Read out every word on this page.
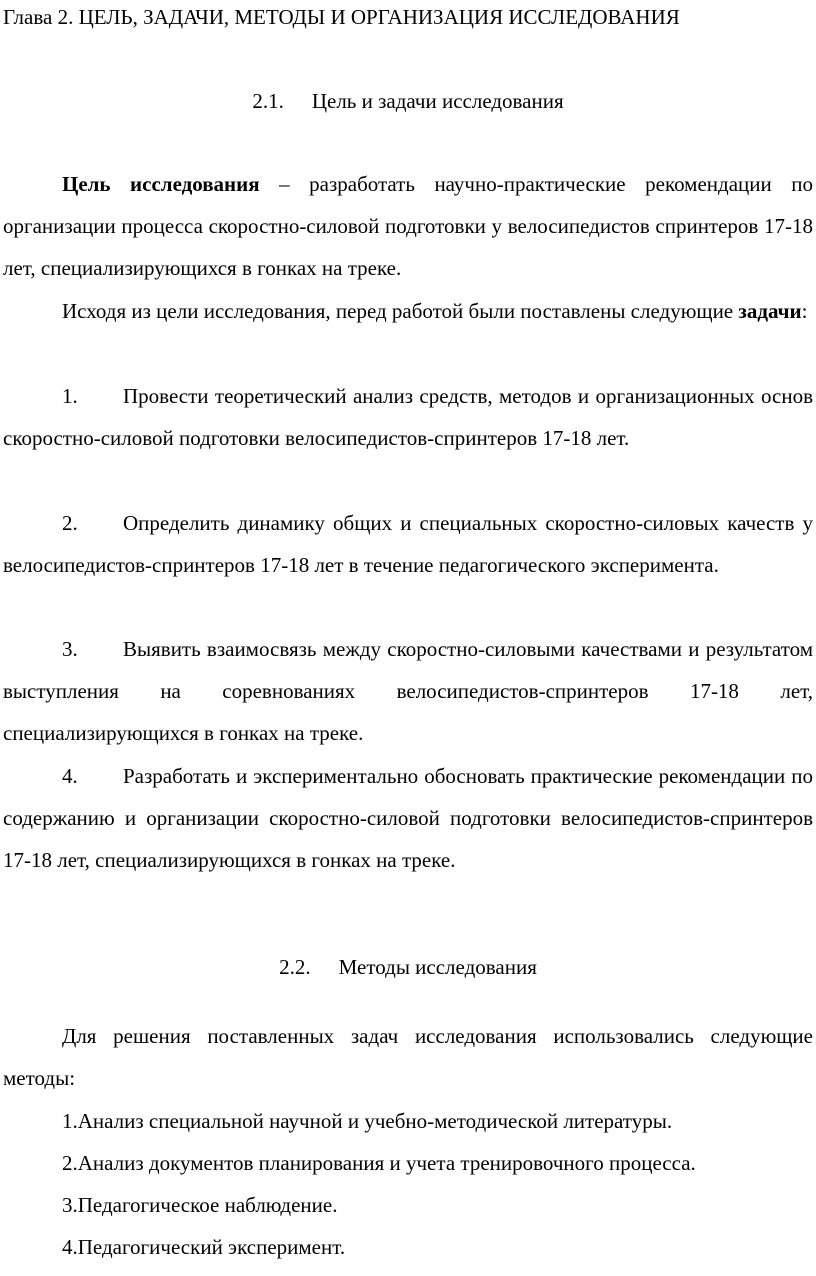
Глава 2. ЦЕЛЬ, ЗАДАЧИ, МЕТОДЫ И ОРГАНИЗАЦИЯ ИССЛЕДОВАНИЯ
2.1. Цель и задачи исследования
Цель исследования – разработать научно-практические рекомендации по организации процесса скоростно-силовой подготовки у велосипедистов спринтеров 17-18 лет, специализирующихся в гонках на треке.
Исходя из цели исследования, перед работой были поставлены следующие задачи:
1. Провести теоретический анализ средств, методов и организационных основ скоростно-силовой подготовки велосипедистов-спринтеров 17-18 лет.
2. Определить динамику общих и специальных скоростно-силовых качеств у велосипедистов-спринтеров 17-18 лет в течение педагогического эксперимента.
3. Выявить взаимосвязь между скоростно-силовыми качествами и результатом выступления на соревнованиях велосипедистов-спринтеров 17-18 лет, специализирующихся в гонках на треке.
4. Разработать и экспериментально обосновать практические рекомендации по содержанию и организации скоростно-силовой подготовки велосипедистов-спринтеров 17-18 лет, специализирующихся в гонках на треке.
2.2. Методы исследования
Для решения поставленных задач исследования использовались следующие методы:
1.Анализ специальной научной и учебно-методической литературы.
2.Анализ документов планирования и учета тренировочного процесса.
3.Педагогическое наблюдение.
4.Педагогический эксперимент.
